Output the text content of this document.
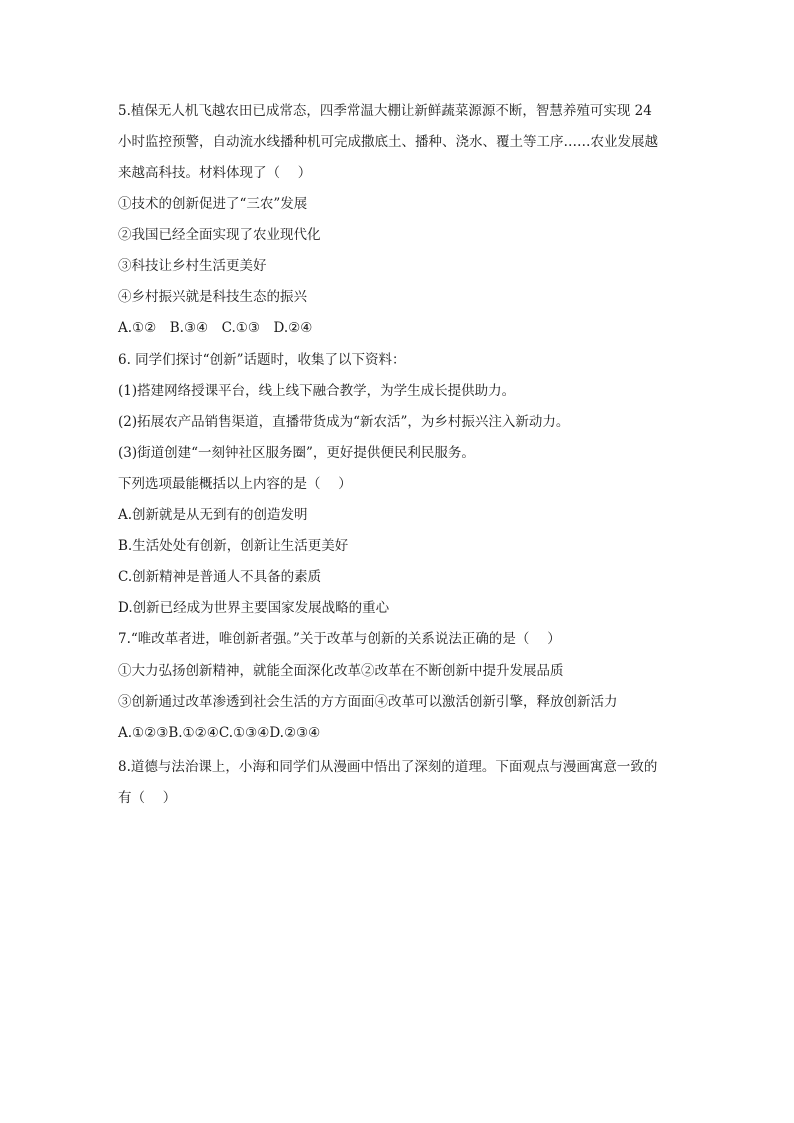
5.植保无人机飞越农田已成常态，四季常温大棚让新鲜蔬菜源源不断，智慧养殖可实现 24
小时监控预警，自动流水线播种机可完成撒底土、播种、浇水、覆土等工序……农业发展越
来越高科技。材料体现了（　 ）
①技术的创新促进了“三农”发展
②我国已经全面实现了农业现代化
③科技让乡村生活更美好
④乡村振兴就是科技生态的振兴
A.①②　B.③④　C.①③　D.②④
6. 同学们探讨“创新”话题时，收集了以下资料：
(1)搭建网络授课平台，线上线下融合教学，为学生成长提供助力。
(2)拓展农产品销售渠道，直播带货成为“新农活”，为乡村振兴注入新动力。
(3)街道创建“一刻钟社区服务圈”，更好提供便民利民服务。
下列选项最能概括以上内容的是（　 ）
A.创新就是从无到有的创造发明
B.生活处处有创新，创新让生活更美好
C.创新精神是普通人不具备的素质
D.创新已经成为世界主要国家发展战略的重心
7.“唯改革者进，唯创新者强。”关于改革与创新的关系说法正确的是（　 ）
①大力弘扬创新精神，就能全面深化改革②改革在不断创新中提升发展品质
③创新通过改革渗透到社会生活的方方面面④改革可以激活创新引擎，释放创新活力
A.①②③B.①②④C.①③④D.②③④
8.道德与法治课上，小海和同学们从漫画中悟出了深刻的道理。下面观点与漫画寓意一致的
有（　 ）
